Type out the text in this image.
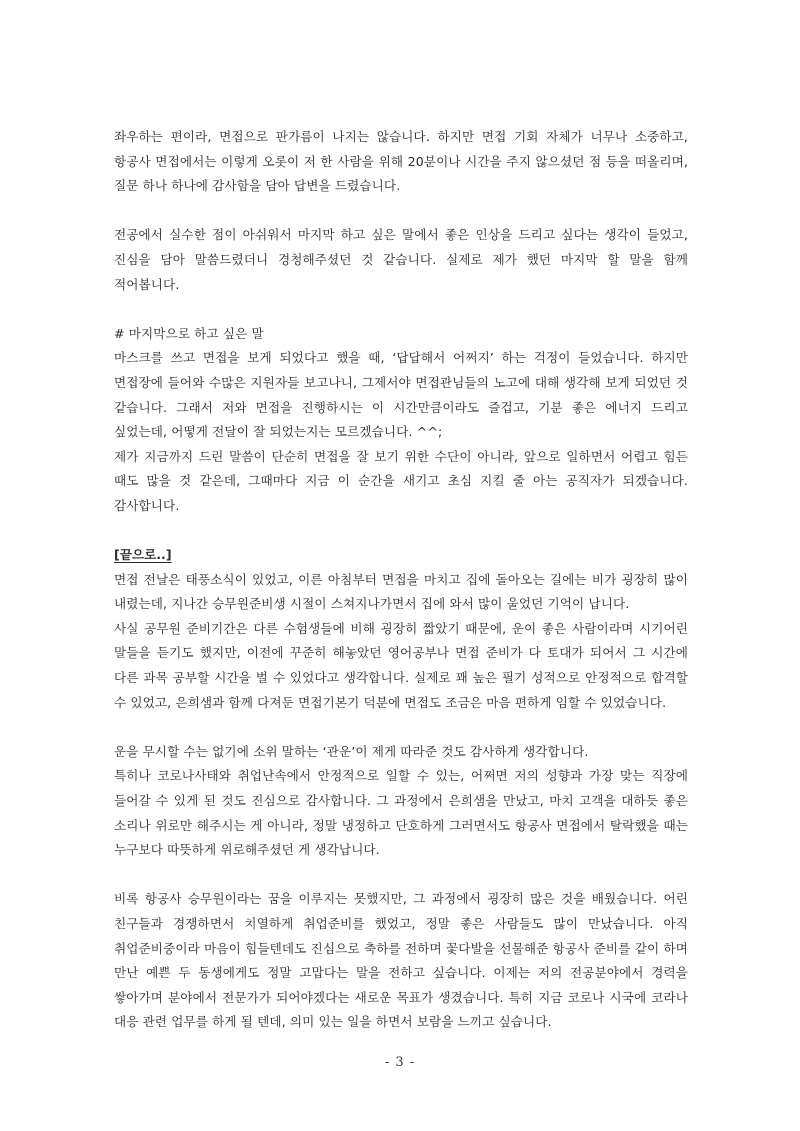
좌우하는 편이라, 면접으로 판가름이 나지는 않습니다. 하지만 면접 기회 자체가 너무나 소중하고, 항공사 면접에서는 이렇게 오롯이 저 한 사람을 위해 20분이나 시간을 주지 않으셨던 점 등을 떠올리며, 질문 하나 하나에 감사함을 담아 답변을 드렸습니다.

전공에서 실수한 점이 아쉬워서 마지막 하고 싶은 말에서 좋은 인상을 드리고 싶다는 생각이 들었고, 진심을 담아 말씀드렸더니 경청해주셨던 것 같습니다. 실제로 제가 했던 마지막 할 말을 함께 적어봅니다.

# 마지막으로 하고 싶은 말

마스크를 쓰고 면접을 보게 되었다고 했을 때, ‘답답해서 어쩌지’ 하는 걱정이 들었습니다. 하지만 면접장에 들어와 수많은 지원자들 보고나니, 그제서야 면접관님들의 노고에 대해 생각해 보게 되었던 것 같습니다. 그래서 저와 면접을 진행하시는 이 시간만큼이라도 즐겁고, 기분 좋은 에너지 드리고 싶었는데, 어떻게 전달이 잘 되었는지는 모르겠습니다. ^^;

제가 지금까지 드린 말씀이 단순히 면접을 잘 보기 위한 수단이 아니라, 앞으로 일하면서 어렵고 힘든 때도 많을 것 같은데, 그때마다 지금 이 순간을 새기고 초심 지킬 줄 아는 공직자가 되겠습니다. 감사합니다.

[끝으로..]

면접 전날은 태풍소식이 있었고, 이른 아침부터 면접을 마치고 집에 돌아오는 길에는 비가 굉장히 많이 내렸는데, 지나간 승무원준비생 시절이 스쳐지나가면서 집에 와서 많이 울었던 기억이 납니다.

사실 공무원 준비기간은 다른 수험생들에 비해 굉장히 짧았기 때문에, 운이 좋은 사람이라며 시기어린 말들을 듣기도 했지만, 이전에 꾸준히 해놓았던 영어공부나 면접 준비가 다 토대가 되어서 그 시간에 다른 과목 공부할 시간을 벌 수 있었다고 생각합니다. 실제로 꽤 높은 필기 성적으로 안정적으로 합격할 수 있었고, 은희샘과 함께 다져둔 면접기본기 덕분에 면접도 조금은 마음 편하게 임할 수 있었습니다.

운을 무시할 수는 없기에 소위 말하는 ‘관운’이 제게 따라준 것도 감사하게 생각합니다.

특히나 코로나사태와 취업난속에서 안정적으로 일할 수 있는, 어쩌면 저의 성향과 가장 맞는 직장에 들어갈 수 있게 된 것도 진심으로 감사합니다. 그 과정에서 은희샘을 만났고, 마치 고객을 대하듯 좋은 소리나 위로만 해주시는 게 아니라, 정말 냉정하고 단호하게 그러면서도 항공사 면접에서 탈락했을 때는 누구보다 따뜻하게 위로해주셨던 게 생각납니다.

비록 항공사 승무원이라는 꿈을 이루지는 못했지만, 그 과정에서 굉장히 많은 것을 배웠습니다. 어린 친구들과 경쟁하면서 치열하게 취업준비를 했었고, 정말 좋은 사람들도 많이 만났습니다. 아직 취업준비중이라 마음이 힘들텐데도 진심으로 축하를 전하며 꽃다발을 선물해준 항공사 준비를 같이 하며 만난 예쁜 두 동생에게도 정말 고맙다는 말을 전하고 싶습니다. 이제는 저의 전공분야에서 경력을 쌓아가며 분야에서 전문가가 되어야겠다는 새로운 목표가 생겼습니다. 특히 지금 코로나 시국에 코라나 대응 관련 업무를 하게 될 텐데, 의미 있는 일을 하면서 보람을 느끼고 싶습니다.

- 3 -
